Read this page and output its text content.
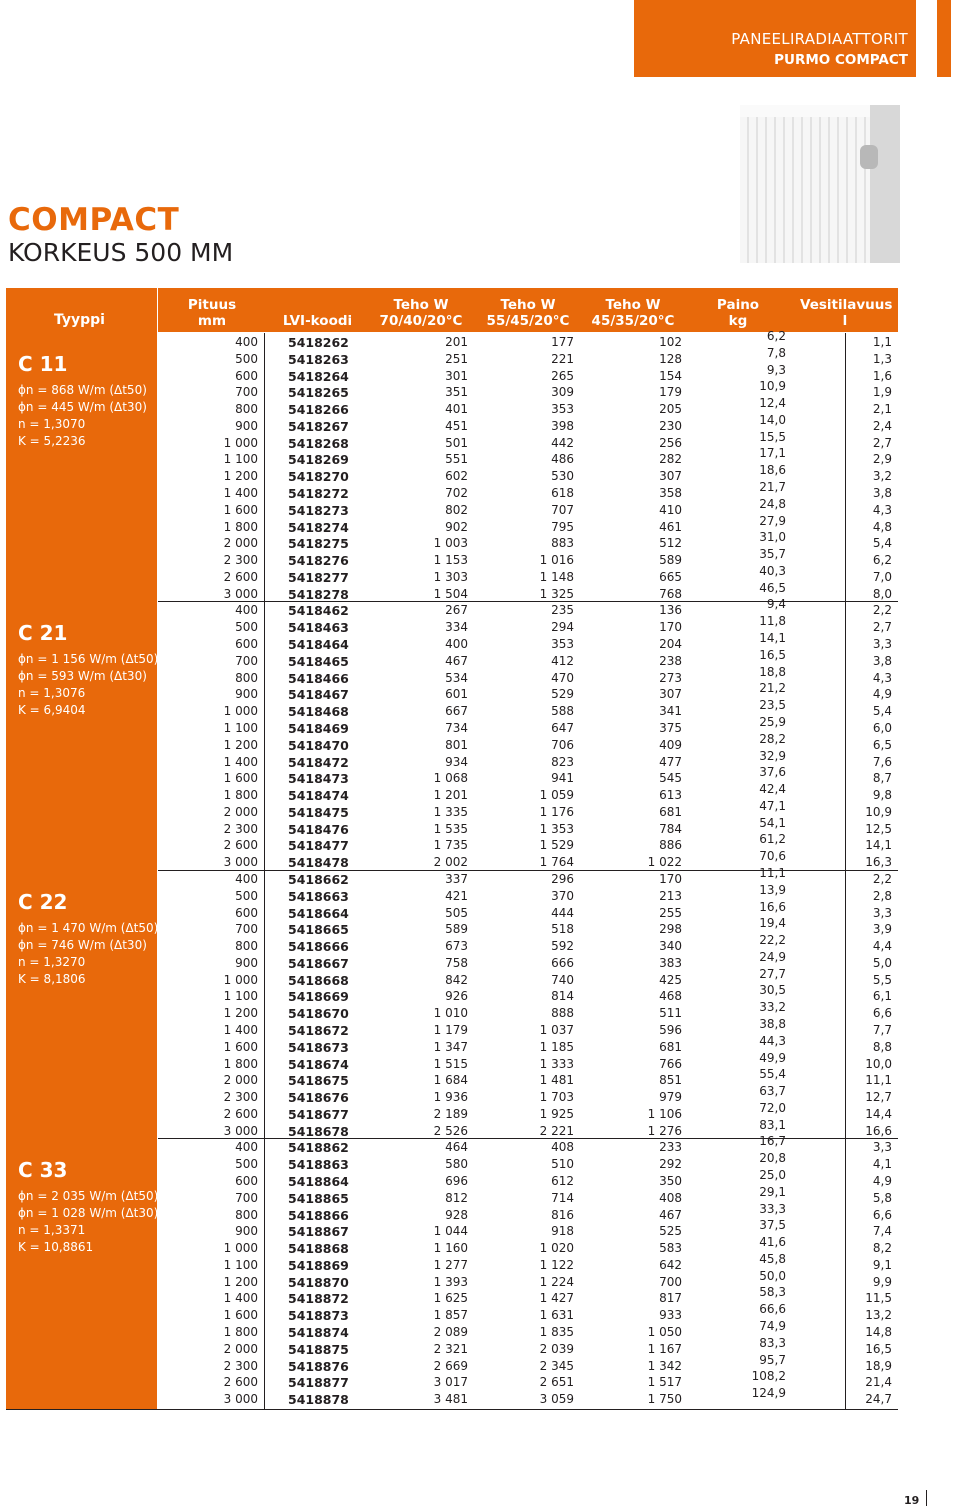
PANEELIRADIAATTORIT
PURMO COMPACT
COMPACT
KORKEUS 500 MM
Tyyppi
C 11
ϕn = 868 W/m (Δt50)
ϕn = 445 W/m (Δt30)
n = 1,3070
K = 5,2236
C 21
ϕn = 1 156 W/m (Δt50)
ϕn = 593 W/m (Δt30)
n = 1,3076
K = 6,9404
C 22
ϕn = 1 470 W/m (Δt50)
ϕn = 746 W/m (Δt30)
n = 1,3270
K = 8,1806
C 33
ϕn = 2 035 W/m (Δt50)
ϕn = 1 028 W/m (Δt30)
n = 1,3371
K = 10,8861
Pituus
mm	LVI-koodi
Teho W
70/40/20°C
Teho W
55/45/20°C
Teho W
45/35/20°C
Paino
kg
Vesitilavuus
l
400 5418262	201	177	102	6,2	1,1
500 5418263	251	221	128	7,8	1,3
600 5418264	301	265	154	9,3	1,6
700 5418265	351	309	179	10,9	1,9
800 5418266	401	353	205	12,4	2,1
900 5418267	451	398	230	14,0	2,4
1 000 5418268	501	442	256	15,5	2,7
1 100 5418269	551	486	282	17,1	2,9
1 200 5418270	602	530	307	18,6	3,2
1 400 5418272	702	618	358	21,7	3,8
1 600 5418273	802	707	410	24,8	4,3
1 800 5418274	902	795	461	27,9	4,8
2 000 5418275	1 003	883	512	31,0	5,4
2 300 5418276	1 153	1 016	589	35,7	6,2
2 600 5418277	1 303	1 148	665	40,3	7,0
3 000 5418278	1 504	1 325	768	46,5	8,0
400 5418462	267	235	136	9,4	2,2
500 5418463	334	294	170	11,8	2,7
600 5418464	400	353	204	14,1	3,3
700 5418465	467	412	238	16,5	3,8
800 5418466	534	470	273	18,8	4,3
900 5418467	601	529	307	21,2	4,9
1 000 5418468	667	588	341	23,5	5,4
1 100 5418469	734	647	375	25,9	6,0
1 200 5418470	801	706	409	28,2	6,5
1 400 5418472	934	823	477	32,9	7,6
1 600 5418473	1 068	941	545	37,6	8,7
1 800 5418474	1 201	1 059	613	42,4	9,8
2 000 5418475	1 335	1 176	681	47,1	10,9
2 300 5418476	1 535	1 353	784	54,1	12,5
2 600 5418477	1 735	1 529	886	61,2	14,1
3 000 5418478	2 002	1 764	1 022	70,6	16,3
400 5418662	337	296	170	11,1	2,2
500 5418663	421	370	213	13,9	2,8
600 5418664	505	444	255	16,6	3,3
700 5418665	589	518	298	19,4	3,9
800 5418666	673	592	340	22,2	4,4
900 5418667	758	666	383	24,9	5,0
1 000 5418668	842	740	425	27,7	5,5
1 100 5418669	926	814	468	30,5	6,1
1 200 5418670	1 010	888	511	33,2	6,6
1 400 5418672	1 179	1 037	596	38,8	7,7
1 600 5418673	1 347	1 185	681	44,3	8,8
1 800 5418674	1 515	1 333	766	49,9	10,0
2 000 5418675	1 684	1 481	851	55,4	11,1
2 300 5418676	1 936	1 703	979	63,7	12,7
2 600 5418677	2 189	1 925	1 106	72,0	14,4
3 000 5418678	2 526	2 221	1 276	83,1	16,6
400 5418862	464	408	233	16,7	3,3
500 5418863	580	510	292	20,8	4,1
600 5418864	696	612	350	25,0	4,9
700 5418865	812	714	408	29,1	5,8
800 5418866	928	816	467	33,3	6,6
900 5418867	1 044	918	525	37,5	7,4
1 000 5418868	1 160	1 020	583	41,6	8,2
1 100 5418869	1 277	1 122	642	45,8	9,1
1 200 5418870	1 393	1 224	700	50,0	9,9
1 400 5418872	1 625	1 427	817	58,3	11,5
1 600 5418873	1 857	1 631	933	66,6	13,2
1 800 5418874	2 089	1 835	1 050	74,9	14,8
2 000 5418875	2 321	2 039	1 167	83,3	16,5
2 300 5418876	2 669	2 345	1 342	95,7	18,9
2 600 5418877	3 017	2 651	1 517	108,2	21,4
3 000 5418878	3 481	3 059	1 750	124,9	24,7
19
